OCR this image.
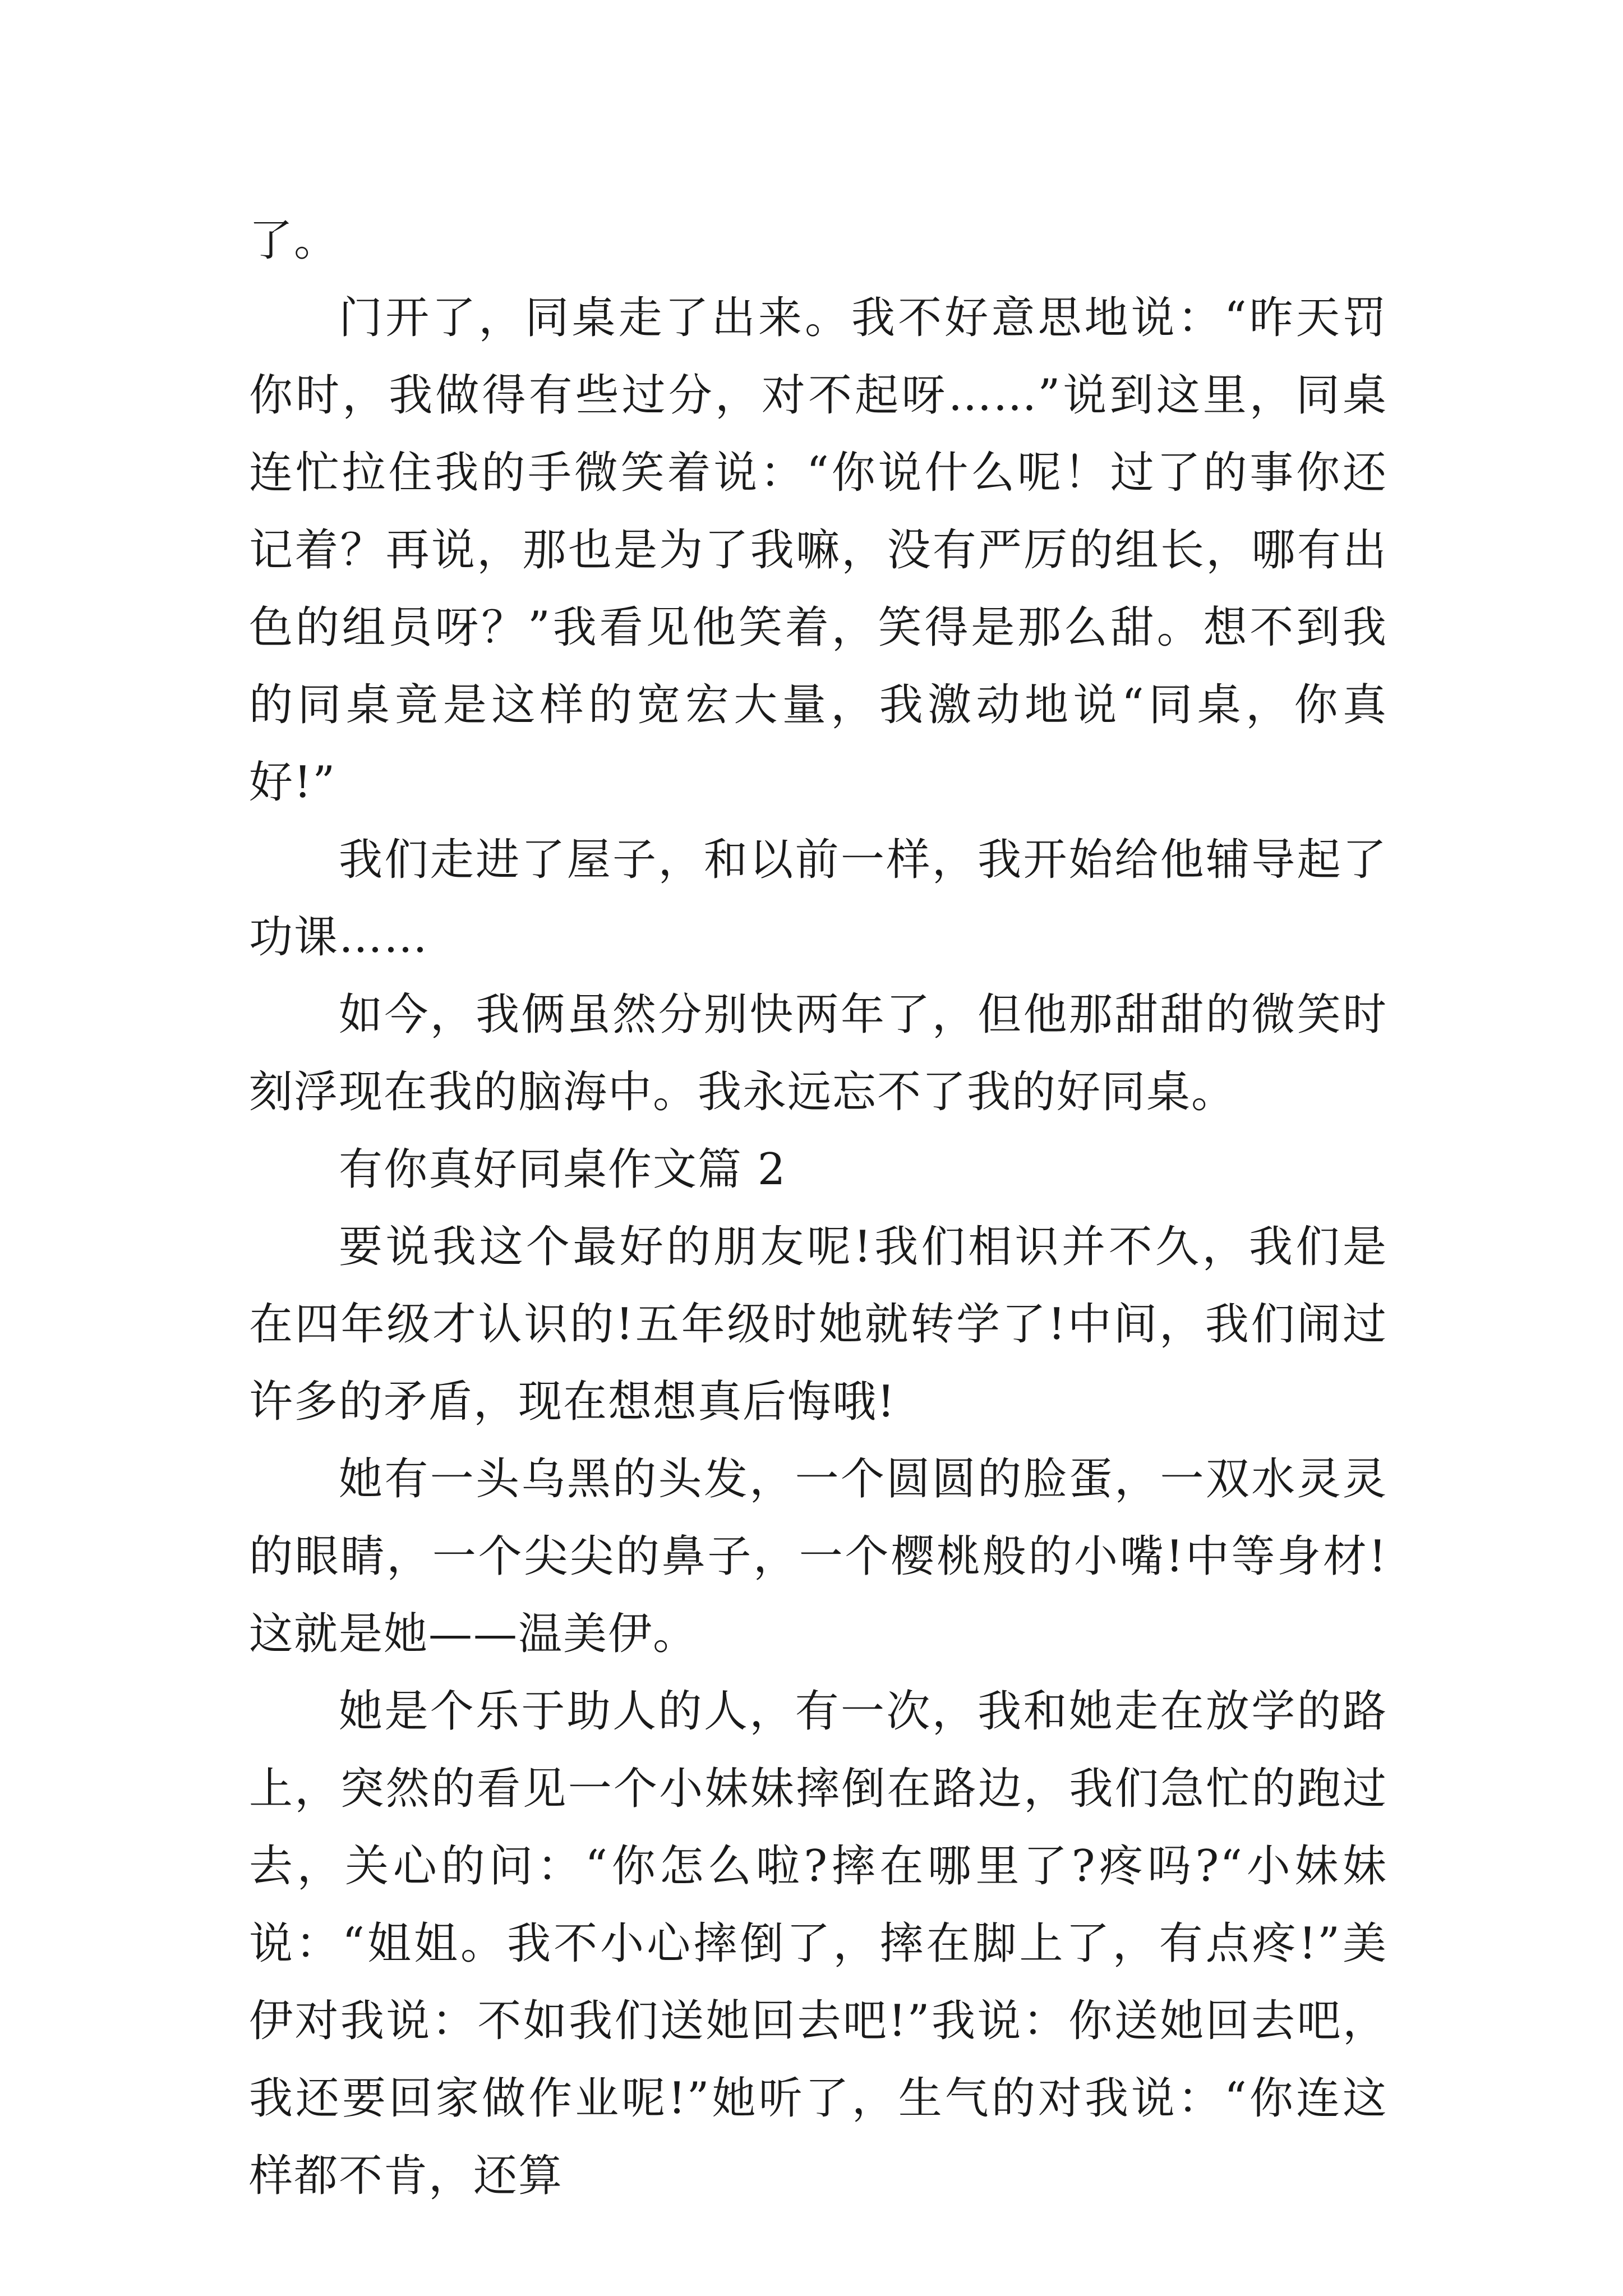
了。

门开了，同桌走了出来。我不好意思地说：“昨天罚你时，我做得有些过分，对不起呀……”说到这里，同桌连忙拉住我的手微笑着说：“你说什么呢！过了的事你还记着？再说，那也是为了我嘛，没有严厉的组长，哪有出色的组员呀？”我看见他笑着，笑得是那么甜。想不到我的同桌竟是这样的宽宏大量，我激动地说“同桌，你真好!”

我们走进了屋子，和以前一样，我开始给他辅导起了功课……

如今，我俩虽然分别快两年了，但他那甜甜的微笑时刻浮现在我的脑海中。我永远忘不了我的好同桌。

有你真好同桌作文篇 2

要说我这个最好的朋友呢!我们相识并不久，我们是在四年级才认识的!五年级时她就转学了!中间，我们闹过许多的矛盾，现在想想真后悔哦!

她有一头乌黑的头发，一个圆圆的脸蛋，一双水灵灵的眼睛，一个尖尖的鼻子，一个樱桃般的小嘴!中等身材!这就是她——温美伊。

她是个乐于助人的人，有一次，我和她走在放学的路上，突然的看见一个小妹妹摔倒在路边，我们急忙的跑过去，关心的问：“你怎么啦?摔在哪里了?疼吗?“小妹妹说：“姐姐。我不小心摔倒了，摔在脚上了，有点疼!”美伊对我说：不如我们送她回去吧!”我说：你送她回去吧，我还要回家做作业呢!”她听了，生气的对我说：“你连这样都不肯，还算
